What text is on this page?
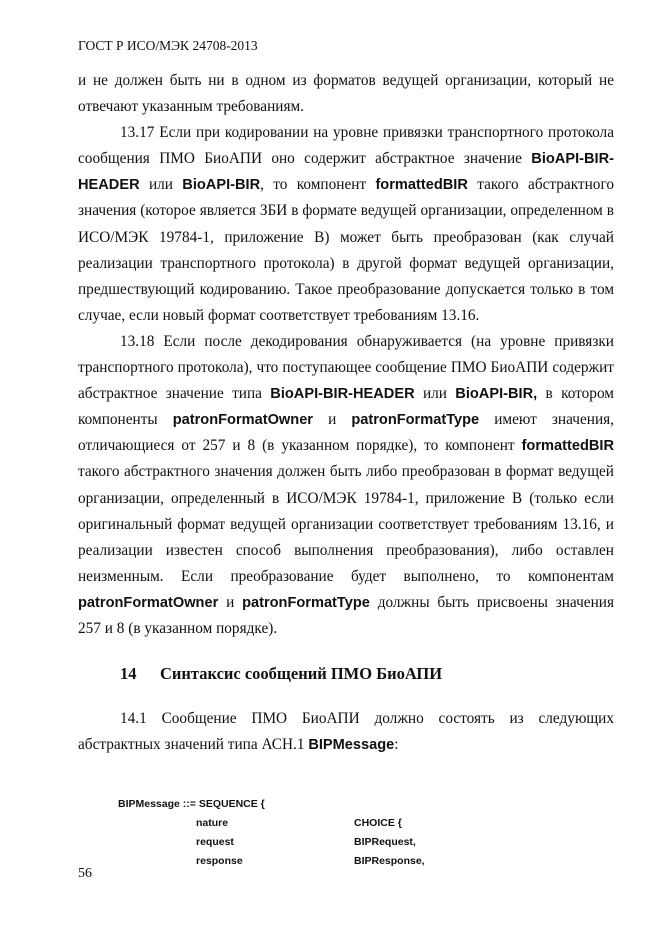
ГОСТ Р ИСО/МЭК 24708-2013

и не должен быть ни в одном из форматов ведущей организации, который не отвечают указанным требованиям.

13.17 Если при кодировании на уровне привязки транспортного протокола сообщения ПМО БиоАПИ оно содержит абстрактное значение BioAPI-BIR-HEADER или BioAPI-BIR, то компонент formattedBIR такого абстрактного значения (которое является ЗБИ в формате ведущей организации, определенном в ИСО/МЭК 19784-1, приложение В) может быть преобразован (как случай реализации транспортного протокола) в другой формат ведущей организации, предшествующий кодированию. Такое преобразование допускается только в том случае, если новый формат соответствует требованиям 13.16.

13.18 Если после декодирования обнаруживается (на уровне привязки транспортного протокола), что поступающее сообщение ПМО БиоАПИ содержит абстрактное значение типа BioAPI-BIR-HEADER или BioAPI-BIR, в котором компоненты patronFormatOwner и patronFormatType имеют значения, отличающиеся от 257 и 8 (в указанном порядке), то компонент formattedBIR такого абстрактного значения должен быть либо преобразован в формат ведущей организации, определенный в ИСО/МЭК 19784-1, приложение В (только если оригинальный формат ведущей организации соответствует требованиям 13.16, и реализации известен способ выполнения преобразования), либо оставлен неизменным. Если преобразование будет выполнено, то компонентам patronFormatOwner и patronFormatType должны быть присвоены значения 257 и 8 (в указанном порядке).

14 Синтаксис сообщений ПМО БиоАПИ

14.1 Сообщение ПМО БиоАПИ должно состоять из следующих абстрактных значений типа АСН.1 BIPMessage:

BIPMessage ::= SEQUENCE {
nature	CHOICE {
request	BIPRequest,
response	BIPResponse,
56
